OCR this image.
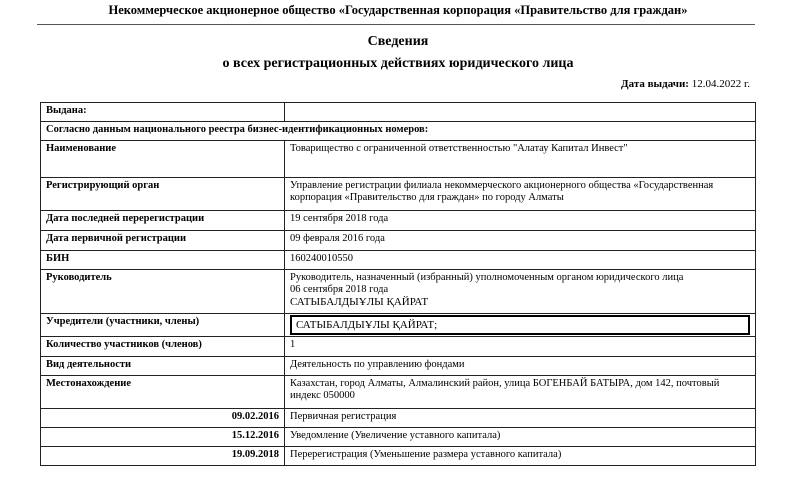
Некоммерческое акционерное общество «Государственная корпорация «Правительство для граждан»
Сведения
о всех регистрационных действиях юридического лица
Дата выдачи: 12.04.2022 г.
Выдана:	
Согласно данным национального реестра бизнес-идентификационных номеров:	
Наименование	Товарищество с ограниченной ответственностью "Алатау Капитал Инвест"
Регистрирующий орган	Управление регистрации филиала некоммерческого акционерного общества «Государственная корпорация «Правительство для граждан» по городу Алматы
Дата последней перерегистрации	19 сентября 2018 года
Дата первичной регистрации	09 февраля 2016 года
БИН	160240010550
Руководитель	Руководитель, назначенный (избранный) уполномоченным органом юридического лица
06 сентября 2018 года
САТЫБАЛДЫҰЛЫ ҚАЙРАТ

Учредители (участники, члены)	САТЫБАЛДЫҰЛЫ ҚАЙРАТ;

Количество участников (членов)	1
Вид деятельности	Деятельность по управлению фондами
Местонахождение	Казахстан, город Алматы, Алмалинский район, улица БОГЕНБАЙ БАТЫРА, дом 142, почтовый индекс 050000
09.02.2016	Первичная регистрация
15.12.2016	Уведомление (Увеличение уставного капитала)
19.09.2018	Перерегистрация (Уменьшение размера уставного капитала)
